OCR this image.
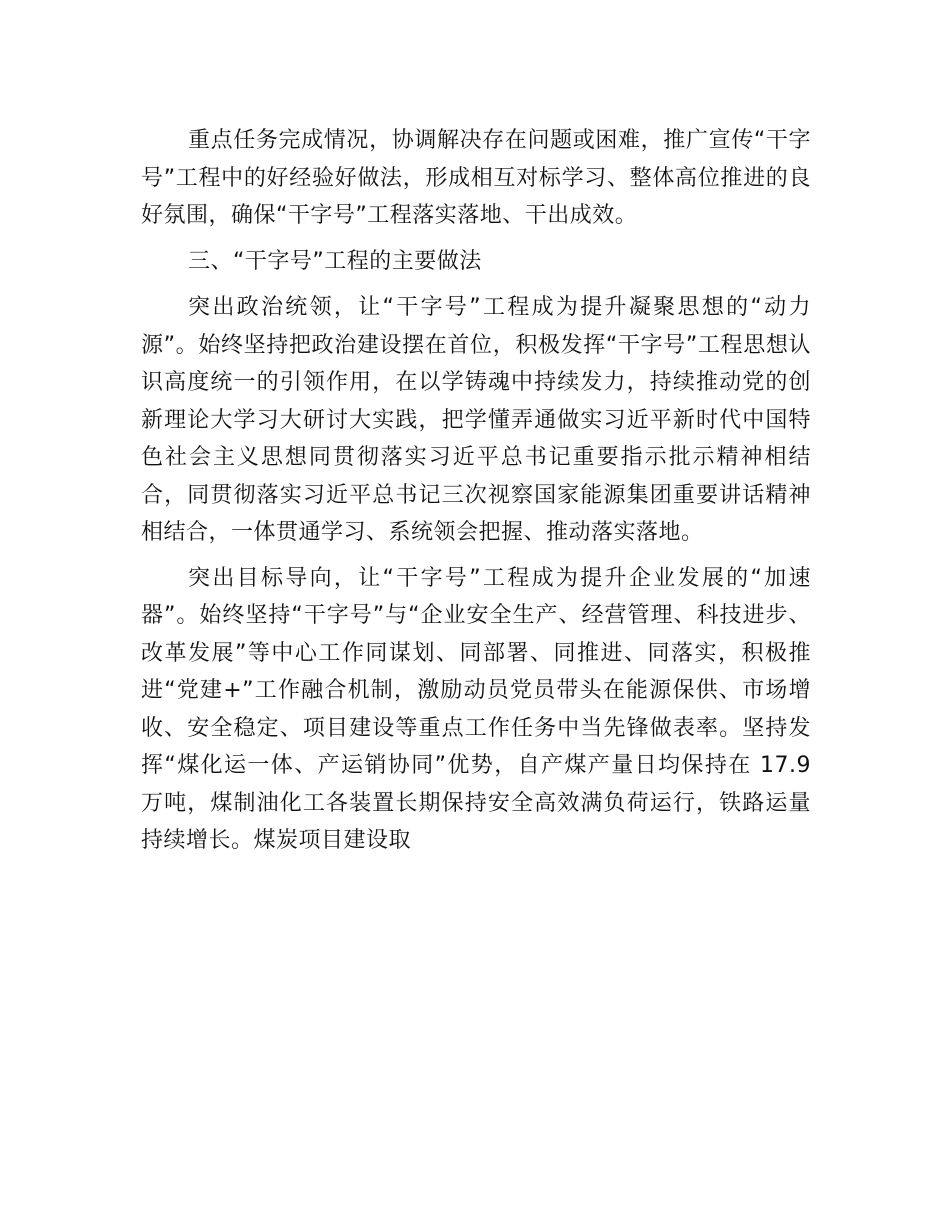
重点任务完成情况，协调解决存在问题或困难，推广宣传“干字号”工程中的好经验好做法，形成相互对标学习、整体高位推进的良好氛围，确保“干字号”工程落实落地、干出成效。

三、“干字号”工程的主要做法

突出政治统领，让“干字号”工程成为提升凝聚思想的“动力源”。始终坚持把政治建设摆在首位，积极发挥“干字号”工程思想认识高度统一的引领作用，在以学铸魂中持续发力，持续推动党的创新理论大学习大研讨大实践，把学懂弄通做实习近平新时代中国特色社会主义思想同贯彻落实习近平总书记重要指示批示精神相结合，同贯彻落实习近平总书记三次视察国家能源集团重要讲话精神相结合，一体贯通学习、系统领会把握、推动落实落地。

突出目标导向，让“干字号”工程成为提升企业发展的“加速器”。始终坚持“干字号”与“企业安全生产、经营管理、科技进步、改革发展”等中心工作同谋划、同部署、同推进、同落实，积极推进“党建+”工作融合机制，激励动员党员带头在能源保供、市场增收、安全稳定、项目建设等重点工作任务中当先锋做表率。坚持发挥“煤化运一体、产运销协同”优势，自产煤产量日均保持在 17.9 万吨，煤制油化工各装置长期保持安全高效满负荷运行，铁路运量持续增长。煤炭项目建设取
